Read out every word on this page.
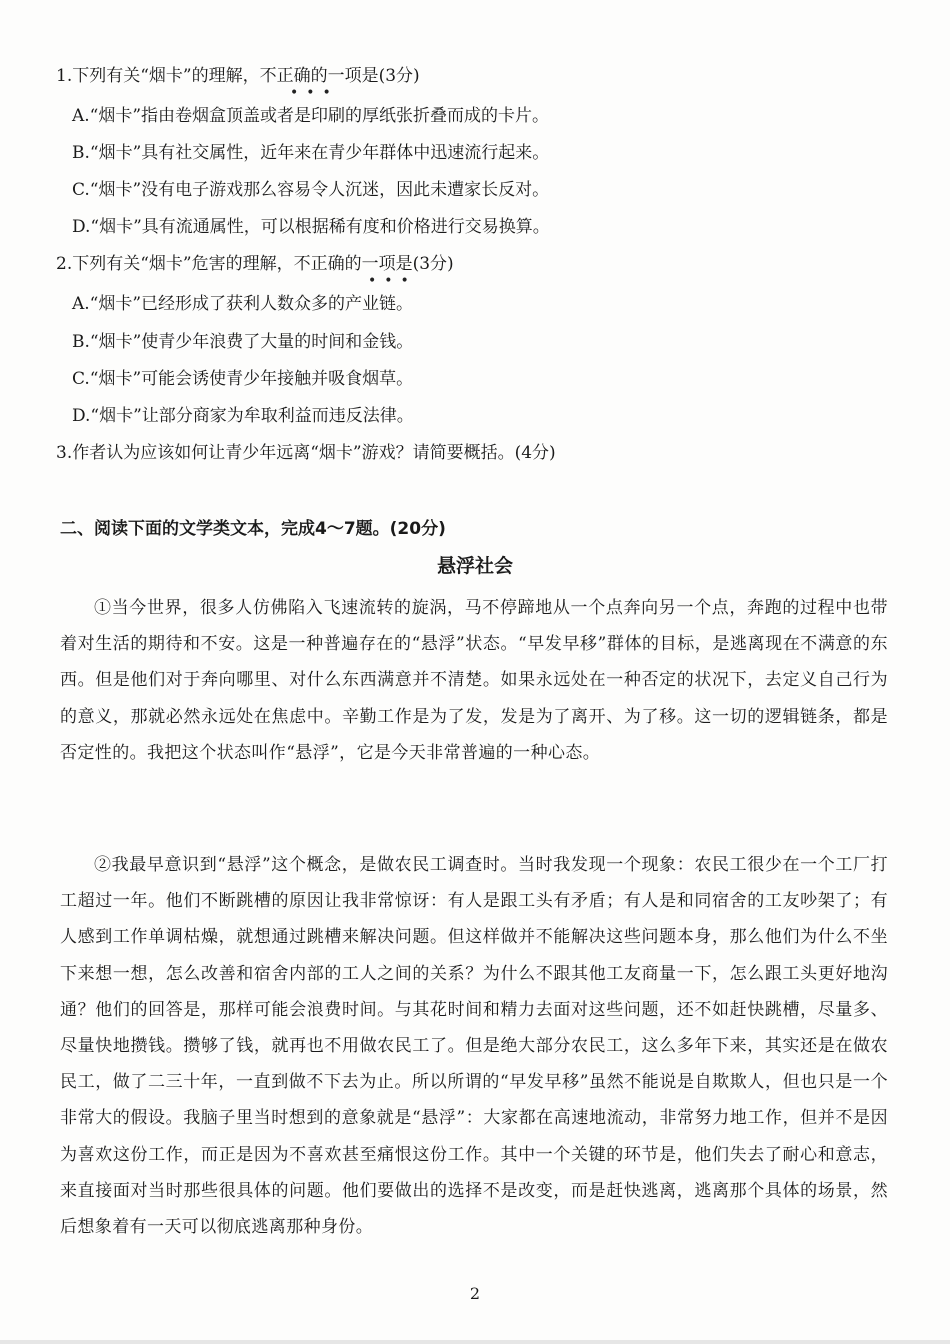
1.下列有关“烟卡”的理解，不正确的一项是(3分)
•••
A.“烟卡”指由卷烟盒顶盖或者是印刷的厚纸张折叠而成的卡片。
B.“烟卡”具有社交属性，近年来在青少年群体中迅速流行起来。
C.“烟卡”没有电子游戏那么容易令人沉迷，因此未遭家长反对。
D.“烟卡”具有流通属性，可以根据稀有度和价格进行交易换算。
2.下列有关“烟卡”危害的理解，不正确的一项是(3分)
•••
A.“烟卡”已经形成了获利人数众多的产业链。
B.“烟卡”使青少年浪费了大量的时间和金钱。
C.“烟卡”可能会诱使青少年接触并吸食烟草。
D.“烟卡”让部分商家为牟取利益而违反法律。
3.作者认为应该如何让青少年远离“烟卡”游戏？请简要概括。(4分)
二、阅读下面的文学类文本，完成4～7题。(20分)
悬浮社会
①当今世界，很多人仿佛陷入飞速流转的旋涡，马不停蹄地从一个点奔向另一个点，奔跑的过程中也带着对生活的期待和不安。这是一种普遍存在的“悬浮”状态。“早发早移”群体的目标，是逃离现在不满意的东西。但是他们对于奔向哪里、对什么东西满意并不清楚。如果永远处在一种否定的状况下，去定义自己行为的意义，那就必然永远处在焦虑中。辛勤工作是为了发，发是为了离开、为了移。这一切的逻辑链条，都是否定性的。我把这个状态叫作“悬浮”，它是今天非常普遍的一种心态。
②我最早意识到“悬浮”这个概念，是做农民工调查时。当时我发现一个现象：农民工很少在一个工厂打工超过一年。他们不断跳槽的原因让我非常惊讶：有人是跟工头有矛盾；有人是和同宿舍的工友吵架了；有人感到工作单调枯燥，就想通过跳槽来解决问题。但这样做并不能解决这些问题本身，那么他们为什么不坐下来想一想，怎么改善和宿舍内部的工人之间的关系？为什么不跟其他工友商量一下，怎么跟工头更好地沟通？他们的回答是，那样可能会浪费时间。与其花时间和精力去面对这些问题，还不如赶快跳槽，尽量多、尽量快地攒钱。攒够了钱，就再也不用做农民工了。但是绝大部分农民工，这么多年下来，其实还是在做农民工，做了二三十年，一直到做不下去为止。所以所谓的“早发早移”虽然不能说是自欺欺人，但也只是一个非常大的假设。我脑子里当时想到的意象就是“悬浮”：大家都在高速地流动，非常努力地工作，但并不是因为喜欢这份工作，而正是因为不喜欢甚至痛恨这份工作。其中一个关键的环节是，他们失去了耐心和意志，来直接面对当时那些很具体的问题。他们要做出的选择不是改变，而是赶快逃离，逃离那个具体的场景，然后想象着有一天可以彻底逃离那种身份。
2
